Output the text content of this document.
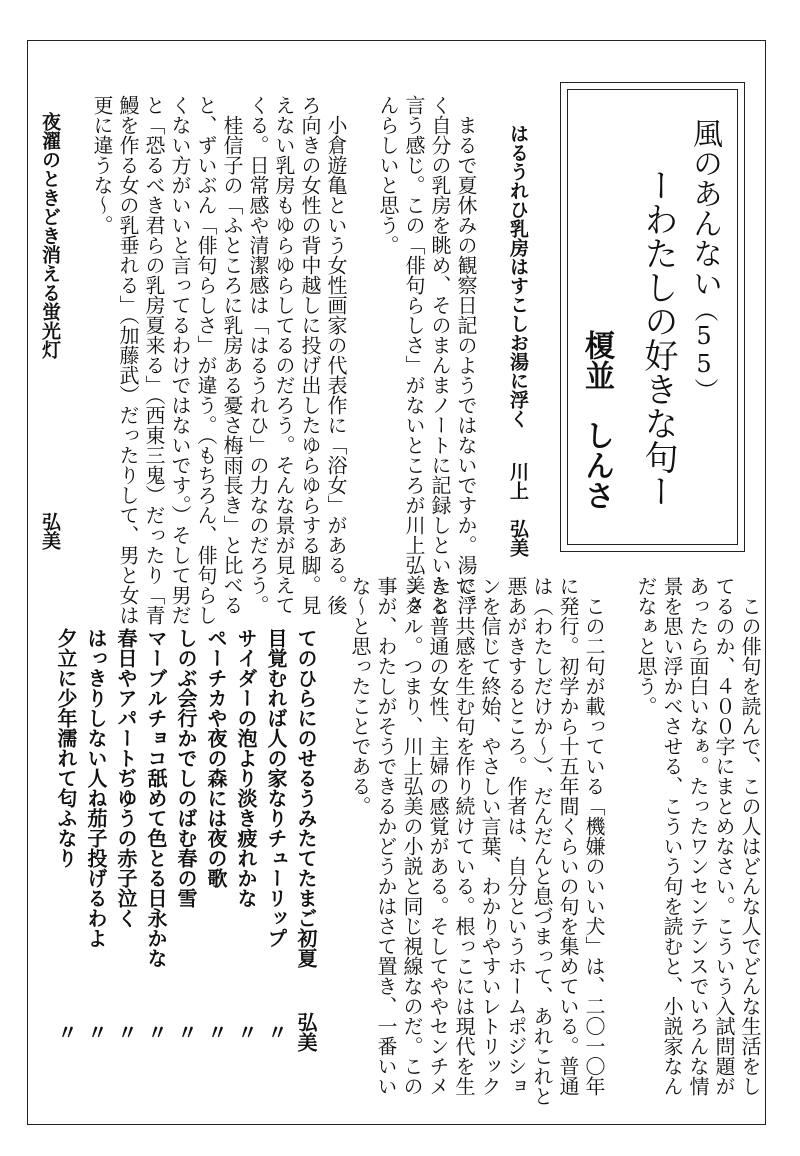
風のあんない（55）
ーわたしの好きな句ー
榎並　しんさ
この俳句を読んで、この人はどんな人でどんな生活をし
てるのか、４００字にまとめなさい。こういう入試問題が
あったら面白いなぁ。たったワンセンテンスでいろんな情
景を思い浮かべさせる、こういう句を読むと、小説家なん
だなぁと思う。
この二句が載っている「機嫌のいい犬」は、二〇一〇年
に発行。初学から十五年間くらいの句を集めている。普通
は（わたしだけか～）、だんだんと息づまって、あれこれと
悪あがきするところ。作者は、自分というホームポジショ
ンを信じて終始、やさしい言葉、わかりやすいレトリック
で、共感を生む句を作り続けている。根っこには現代を生
きる普通の女性、主婦の感覚がある。そしてややセンチメ
ンタル。つまり、川上弘美の小説と同じ視線なのだ。この
事が、わたしがそうできるかどうかはさて置き、一番いい
な～と思ったことである。
てのひらにのせるうみたてたまご初夏
弘美
目覚むれば人の家なりチューリップ
〃
サイダーの泡より淡き疲れかな
〃
ペーチカや夜の森には夜の歌
〃
しのぶ会行かでしのばむ春の雪
〃
マーブルチョコ舐めて色とる日永かな
〃
春日やアパートぢゆうの赤子泣く
〃
はっきりしない人ね茄子投げるわよ
〃
夕立に少年濡れて匂ふなり
〃
はるうれひ乳房はすこしお湯に浮く
川上　弘美
まるで夏休みの観察日記のようではないですか。湯に浮
く自分の乳房を眺め、そのまんまノートに記録しといたと
言う感じ。この「俳句らしさ」がないところが川上弘美さ
んらしいと思う。
小倉遊亀という女性画家の代表作に「浴女」がある。後
ろ向きの女性の背中越しに投げ出したゆらゆらする脚。見
えない乳房もゆらゆらしてるのだろう。そんな景が見えて
くる。日常感や清潔感は「はるうれひ」の力なのだろう。
桂信子の「ふところに乳房ある憂さ梅雨長き」と比べる
と、ずいぶん「俳句らしさ」が違う。（もちろん、俳句らし
くない方がいいと言ってるわけではないです。）そして男だ
と「恐るべき君らの乳房夏来る」（西東三鬼）だったり「青
鰻を作る女の乳垂れる」（加藤武）だったりして、男と女は
更に違うな～。
夜濯のときどき消える蛍光灯
弘美
